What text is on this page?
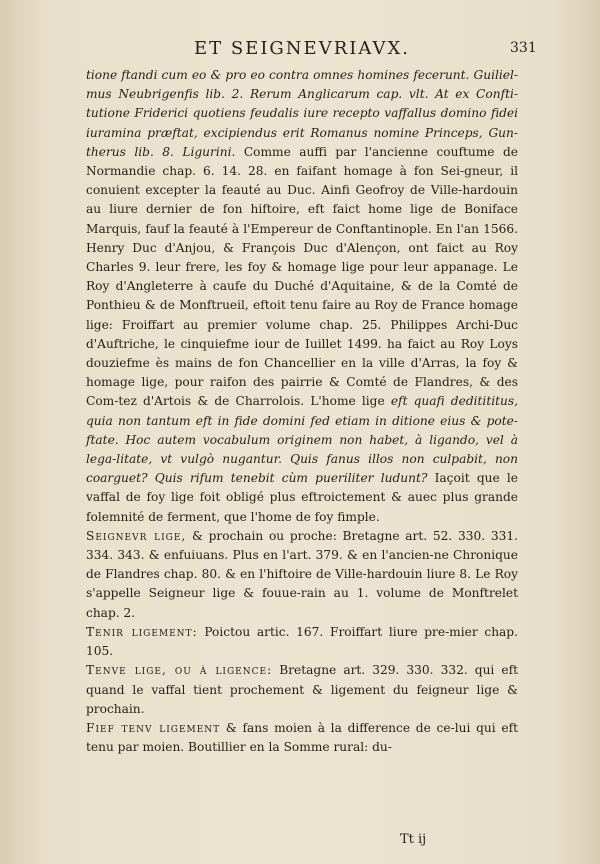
ET SEIGNEVRIAVX.	331

tione ftandi cum eo & pro eo contra omnes homines fecerunt. Guiliel-mus Neubrigenfis lib. 2. Rerum Anglicarum cap. vlt. At ex Confti-tutione Friderici quotiens feudalis iure recepto vaffallus domino fidei iuramina præftat, excipiendus erit Romanus nomine Princeps, Gun-therus lib. 8. Ligurini. Comme auffi par l'ancienne couftume de Normandie chap. 6. 14. 28. en faifant homage à fon Sei-gneur, il conuient excepter la feauté au Duc. Ainfi Geofroy de Ville-hardouin au liure dernier de fon hiftoire, eft faict home lige de Boniface Marquis, fauf la feauté à l'Empereur de Conftantinople. En l'an 1566. Henry Duc d'Anjou, & François Duc d'Alençon, ont faict au Roy Charles 9. leur frere, les foy & homage lige pour leur appanage. Le Roy d'Angleterre à caufe du Duché d'Aquitaine, & de la Comté de Ponthieu & de Monftrueil, eftoit tenu faire au Roy de France homage lige: Froiffart au premier volume chap. 25. Philippes Archi-Duc d'Auftriche, le cinquiefme iour de Iuillet 1499. ha faict au Roy Loys douziefme ès mains de fon Chancellier en la ville d'Arras, la foy & homage lige, pour raifon des pairrie & Comté de Flandres, & des Com-tez d'Artois & de Charrolois. L'home lige eft quafi deditititus, quia non tantum eft in fide domini fed etiam in ditione eius & pote-ftate. Hoc autem vocabulum originem non habet, à ligando, vel à lega-litate, vt vulgò nugantur. Quis fanus illos non culpabit, non coarguet? Quis rifum tenebit cùm pueriliter ludunt? Iaçoit que le vaffal de foy lige foit obligé plus eftroictement & auec plus grande folemnité de ferment, que l'home de foy fimple.

Seignevr lige, & prochain ou proche: Bretagne art. 52. 330. 331. 334. 343. & enfuiuans. Plus en l'art. 379. & en l'ancien-ne Chronique de Flandres chap. 80. & en l'hiftoire de Ville-hardouin liure 8. Le Roy s'appelle Seigneur lige & fouue-rain au 1. volume de Monftrelet chap. 2.

Tenir ligement: Poictou artic. 167. Froiffart liure pre-mier chap. 105.

Tenve lige, ou à ligence: Bretagne art. 329. 330. 332. qui eft quand le vaffal tient prochement & ligement du feigneur lige & prochain.

Fief tenv ligement & fans moien à la difference de ce-lui qui eft tenu par moien. Boutillier en la Somme rural: du-

Tt ij
